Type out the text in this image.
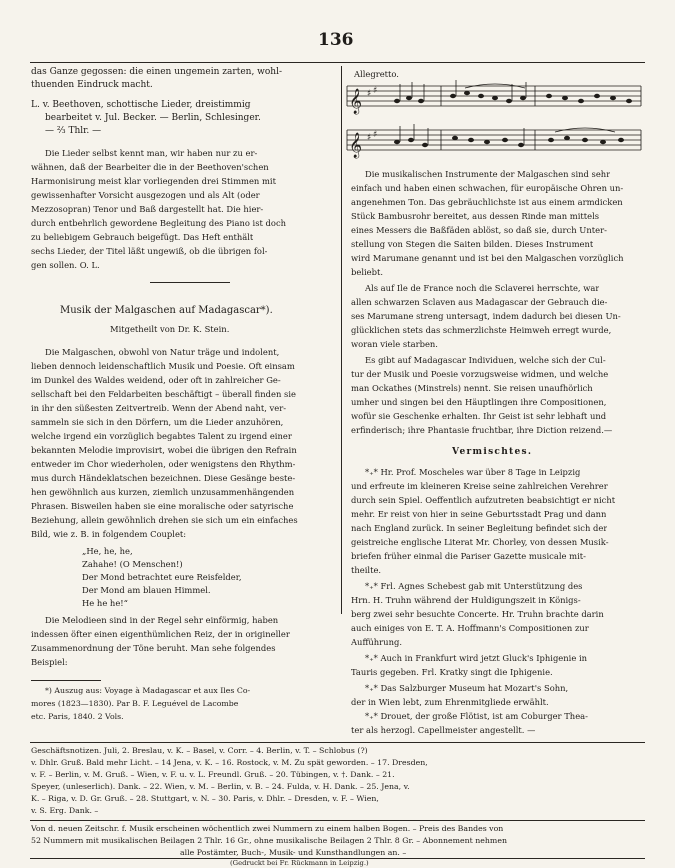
136
das Ganze gegossen: die einen ungemein zarten, wohl-
thuenden Eindruck macht.
L. v. Beethoven, schottische Lieder, dreistimmig
bearbeitet v. Jul. Becker. — Berlin, Schlesinger.
— ⅔ Thlr. —
Die Lieder selbst kennt man, wir haben nur zu er-
wähnen, daß der Bearbeiter die in der Beethoven'schen
Harmonisirung meist klar vorliegenden drei Stimmen mit
gewissenhafter Vorsicht ausgezogen und als Alt (oder
Mezzosopran) Tenor und Baß dargestellt hat. Die hier-
durch entbehrlich gewordene Begleitung des Piano ist doch
zu beliebigem Gebrauch beigefügt. Das Heft enthält
sechs Lieder, der Titel läßt ungewiß, ob die übrigen fol-
gen sollen. O. L.
Musik der Malgaschen auf Madagascar*).
Mitgetheilt von Dr. K. Stein.
Die Malgaschen, obwohl von Natur träge und indolent,
lieben dennoch leidenschaftlich Musik und Poesie. Oft einsam
im Dunkel des Waldes weidend, oder oft in zahlreicher Ge-
sellschaft bei den Feldarbeiten beschäftigt – überall finden sie
in ihr den süßesten Zeitvertreib. Wenn der Abend naht, ver-
sammeln sie sich in den Dörfern, um die Lieder anzuhören,
welche irgend ein vorzüglich begabtes Talent zu irgend einer
bekannten Melodie improvisirt, wobei die übrigen den Refrain
entweder im Chor wiederholen, oder wenigstens den Rhythm-
mus durch Händeklatschen bezeichnen. Diese Gesänge beste-
hen gewöhnlich aus kurzen, ziemlich unzusammenhängenden
Phrasen. Bisweilen haben sie eine moralische oder satyrische
Beziehung, allein gewöhnlich drehen sie sich um ein einfaches
Bild, wie z. B. in folgendem Couplet:
„He, he, he,
Zahahe! (O Menschen!)
Der Mond betrachtet eure Reisfelder,
Der Mond am blauen Himmel.
He he he!“
Die Melodieen sind in der Regel sehr einförmig, haben
indessen öfter einen eigenthümlichen Reiz, der in origineller
Zusammenordnung der Töne beruht. Man sehe folgendes
Beispiel:
*) Auszug aus: Voyage à Madagascar et aux Iles Co-
mores (1823—1830). Par B. F. Leguével de Lacombe
etc. Paris, 1840. 2 Vols.
Allegretto.
𝄞
𝄞
♯ ♯
♯ ♯
Die musikalischen Instrumente der Malgaschen sind sehr
einfach und haben einen schwachen, für europäische Ohren un-
angenehmen Ton. Das gebräuchlichste ist aus einem armdicken
Stück Bambusrohr bereitet, aus dessen Rinde man mittels
eines Messers die Baßfäden ablöst, so daß sie, durch Unter-
stellung von Stegen die Saiten bilden. Dieses Instrument
wird Marumane genannt und ist bei den Malgaschen vorzüglich
beliebt.
Als auf Ile de France noch die Sclaverei herrschte, war
allen schwarzen Sclaven aus Madagascar der Gebrauch die-
ses Marumane streng untersagt, indem dadurch bei diesen Un-
glücklichen stets das schmerzlichste Heimweh erregt wurde,
woran viele starben.
Es gibt auf Madagascar Individuen, welche sich der Cul-
tur der Musik und Poesie vorzugsweise widmen, und welche
man Ockathes (Minstrels) nennt. Sie reisen unaufhörlich
umher und singen bei den Häuptlingen ihre Compositionen,
wofür sie Geschenke erhalten. Ihr Geist ist sehr lebhaft und
erfinderisch; ihre Phantasie fruchtbar, ihre Diction reizend.—
Vermischtes.
*₊* Hr. Prof. Moscheles war über 8 Tage in Leipzig
und erfreute im kleineren Kreise seine zahlreichen Verehrer
durch sein Spiel. Oeffentlich aufzutreten beabsichtigt er nicht
mehr. Er reist von hier in seine Geburtsstadt Prag und dann
nach England zurück. In seiner Begleitung befindet sich der
geistreiche englische Literat Mr. Chorley, von dessen Musik-
briefen früher einmal die Pariser Gazette musicale mit-
theilte.
*₊* Frl. Agnes Schebest gab mit Unterstützung des
Hrn. H. Truhn während der Huldigungszeit in Königs-
berg zwei sehr besuchte Concerte. Hr. Truhn brachte darin
auch einiges von E. T. A. Hoffmann's Compositionen zur
Aufführung.
*₊* Auch in Frankfurt wird jetzt Gluck's Iphigenie in
Tauris gegeben. Frl. Kratky singt die Iphigenie.
*₊* Das Salzburger Museum hat Mozart's Sohn,
der in Wien lebt, zum Ehrenmitgliede erwählt.
*₊* Drouet, der große Flötist, ist am Coburger Thea-
ter als herzogl. Capellmeister angestellt. —
Geschäftsnotizen. Juli, 2. Breslau, v. K. – Basel, v. Corr. – 4. Berlin, v. T. – Schlobus (?)
v. Dhlr. Gruß. Bald mehr Licht. – 14 Jena, v. K. – 16. Rostock, v. M. Zu spät geworden. – 17. Dresden,
v. F. – Berlin, v. M. Gruß. – Wien, v. F. u. v. L. Freundl. Gruß. – 20. Tübingen, v. †. Dank. – 21.
Speyer, (unleserlich). Dank. – 22. Wien, v. M. – Berlin, v. B. – 24. Fulda, v. H. Dank. – 25. Jena, v.
K. – Riga, v. D. Gr. Gruß. – 28. Stuttgart, v. N. – 30. Paris, v. Dhlr. – Dresden, v. F. – Wien,
v. S. Erg. Dank. –
Von d. neuen Zeitschr. f. Musik erscheinen wöchentlich zwei Nummern zu einem halben Bogen. – Preis des Bandes von
52 Nummern mit musikalischen Beilagen 2 Thlr. 16 Gr., ohne musikalische Beilagen 2 Thlr. 8 Gr. – Abonnement nehmen
alle Postämter, Buch-, Musik- und Kunsthandlungen an. –
(Gedruckt bei Fr. Rückmann in Leipzig.)
